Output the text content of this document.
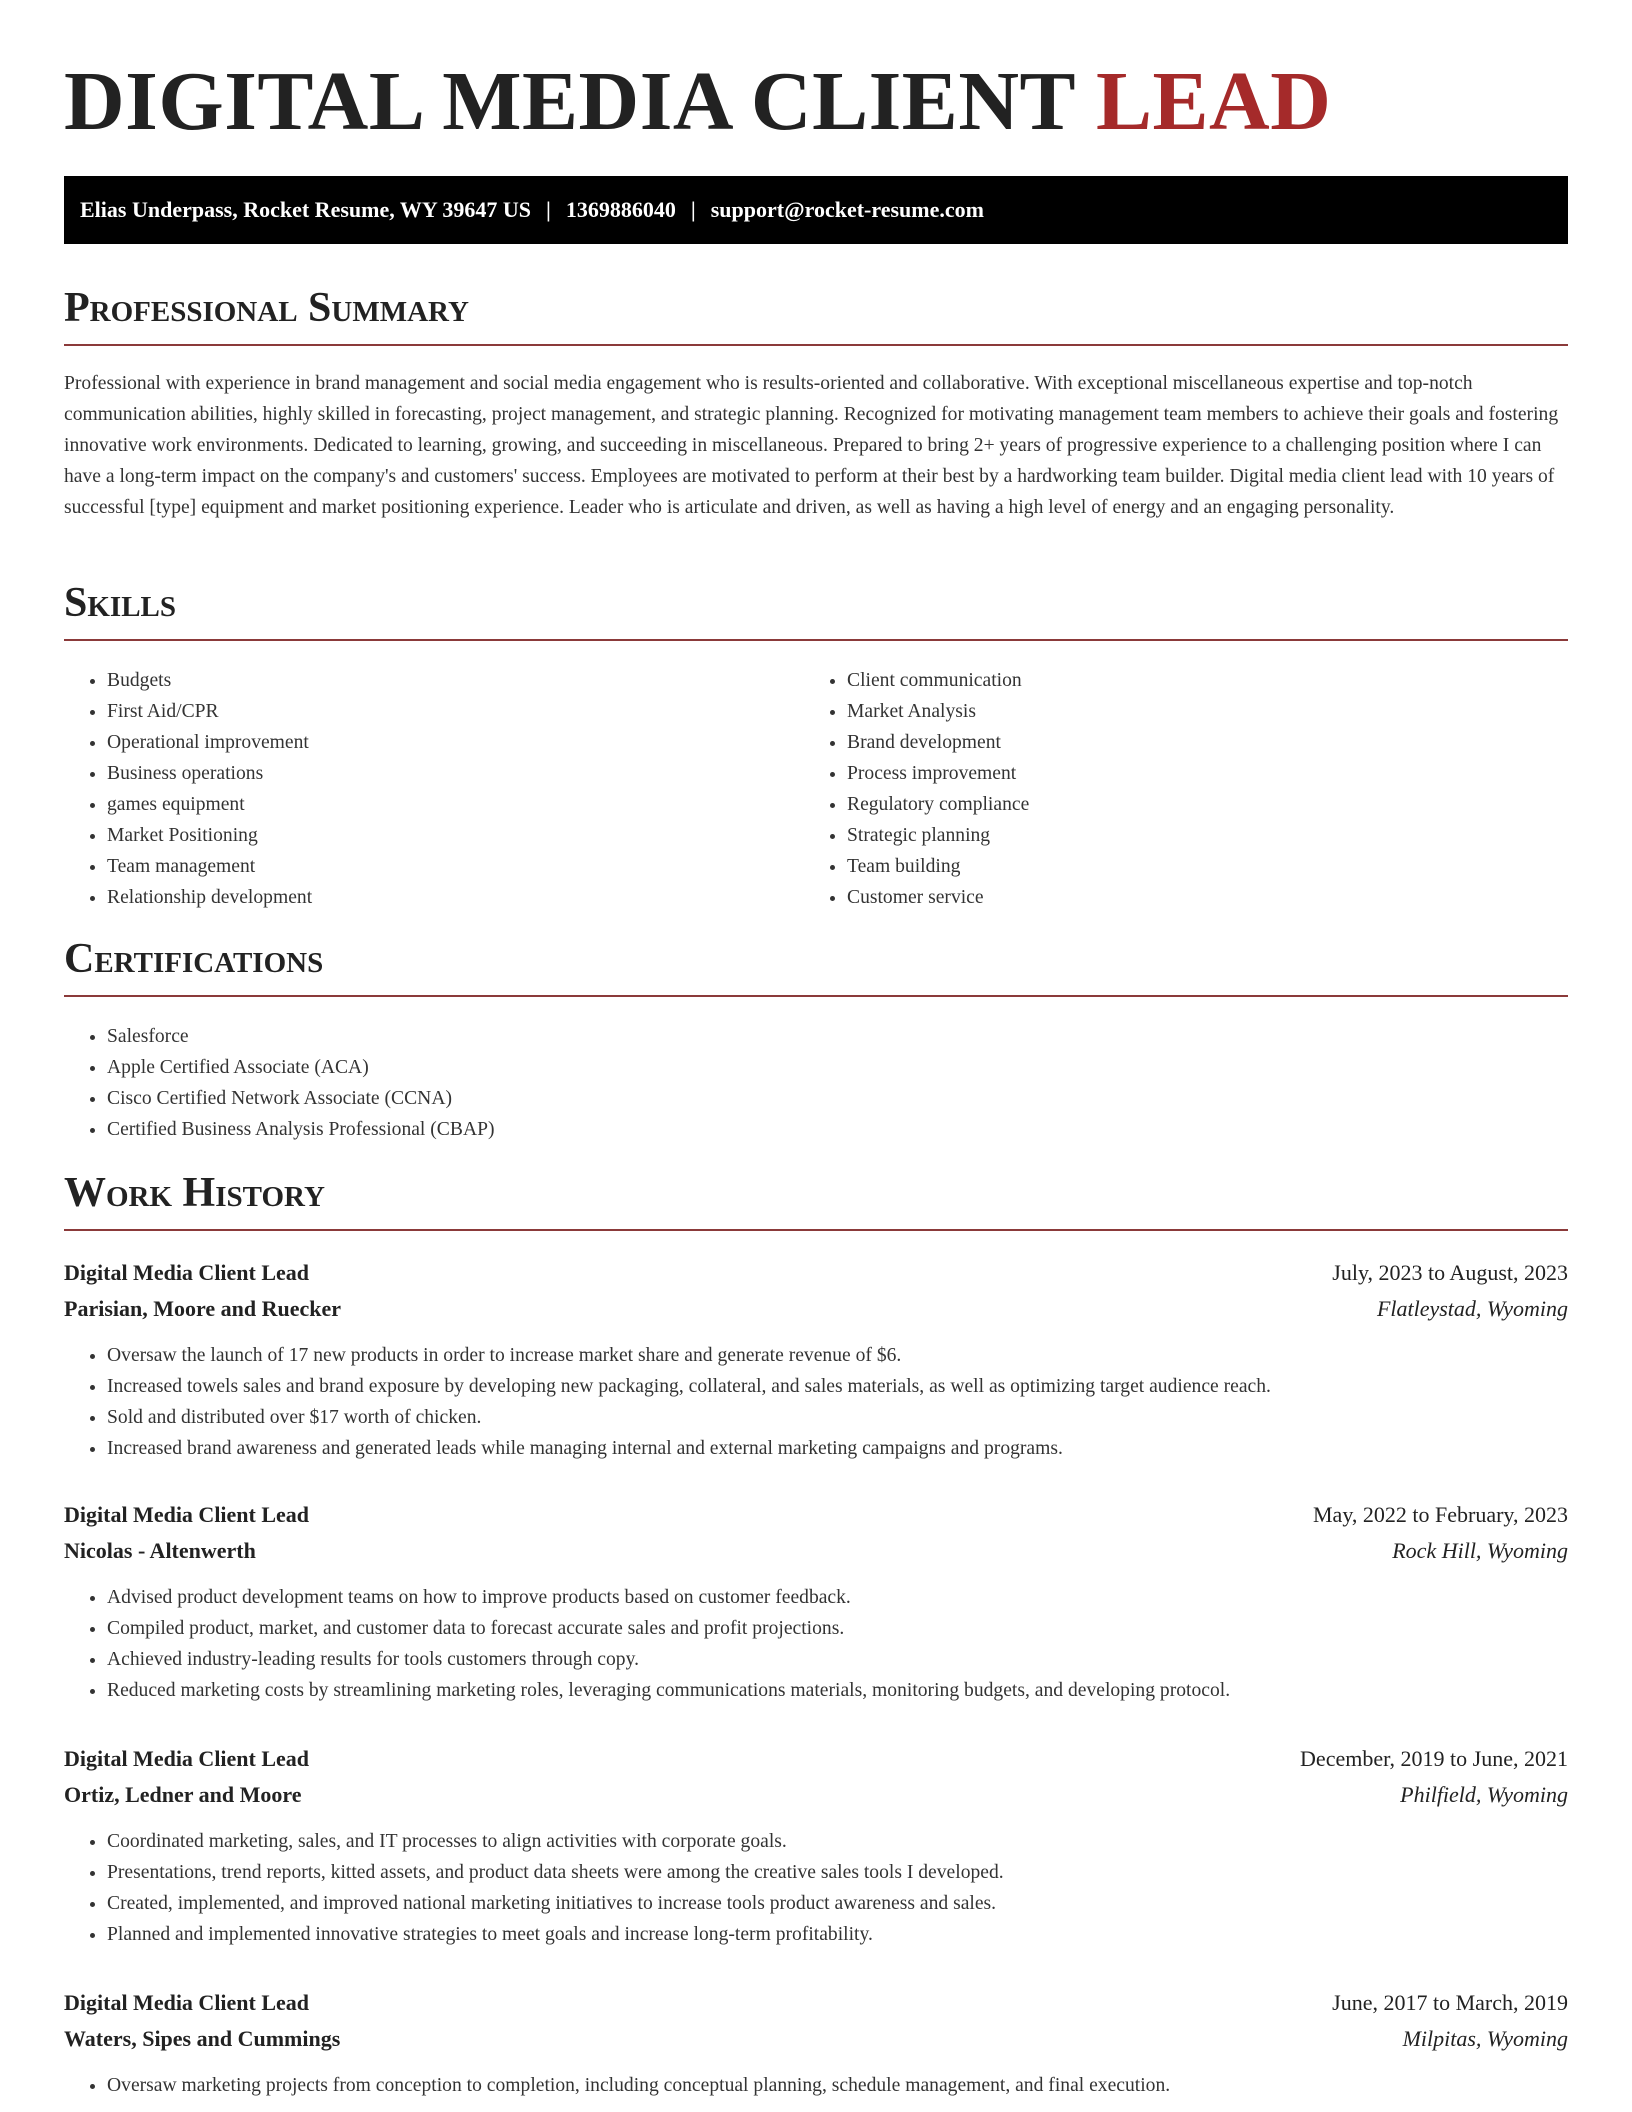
DIGITAL MEDIA CLIENT LEAD
Elias Underpass, Rocket Resume, WY 39647 US | 1369886040 | support@rocket-resume.com
Professional Summary

Professional with experience in brand management and social media engagement who is results-oriented and collaborative. With exceptional miscellaneous expertise and top-notch communication abilities, highly skilled in forecasting, project management, and strategic planning. Recognized for motivating management team members to achieve their goals and fostering innovative work environments. Dedicated to learning, growing, and succeeding in miscellaneous. Prepared to bring 2+ years of progressive experience to a challenging position where I can have a long-term impact on the company's and customers' success. Employees are motivated to perform at their best by a hardworking team builder. Digital media client lead with 10 years of successful [type] equipment and market positioning experience. Leader who is articulate and driven, as well as having a high level of energy and an engaging personality.

Skills
• Budgets
• First Aid/CPR
• Operational improvement
• Business operations
• games equipment
• Market Positioning
• Team management
• Relationship development
• Client communication
• Market Analysis
• Brand development
• Process improvement
• Regulatory compliance
• Strategic planning
• Team building
• Customer service
Certifications
• Salesforce
• Apple Certified Associate (ACA)
• Cisco Certified Network Associate (CCNA)
• Certified Business Analysis Professional (CBAP)
Work History
Digital Media Client Lead	July, 2023 to August, 2023
Parisian, Moore and Ruecker	Flatleystad, Wyoming
• Oversaw the launch of 17 new products in order to increase market share and generate revenue of $6.
• Increased towels sales and brand exposure by developing new packaging, collateral, and sales materials, as well as optimizing target audience reach.
• Sold and distributed over $17 worth of chicken.
• Increased brand awareness and generated leads while managing internal and external marketing campaigns and programs.
Digital Media Client Lead	May, 2022 to February, 2023
Nicolas - Altenwerth	Rock Hill, Wyoming
• Advised product development teams on how to improve products based on customer feedback.
• Compiled product, market, and customer data to forecast accurate sales and profit projections.
• Achieved industry-leading results for tools customers through copy.
• Reduced marketing costs by streamlining marketing roles, leveraging communications materials, monitoring budgets, and developing protocol.
Digital Media Client Lead	December, 2019 to June, 2021
Ortiz, Ledner and Moore	Philfield, Wyoming
• Coordinated marketing, sales, and IT processes to align activities with corporate goals.
• Presentations, trend reports, kitted assets, and product data sheets were among the creative sales tools I developed.
• Created, implemented, and improved national marketing initiatives to increase tools product awareness and sales.
• Planned and implemented innovative strategies to meet goals and increase long-term profitability.
Digital Media Client Lead	June, 2017 to March, 2019
Waters, Sipes and Cummings	Milpitas, Wyoming
• Oversaw marketing projects from conception to completion, including conceptual planning, schedule management, and final execution.
